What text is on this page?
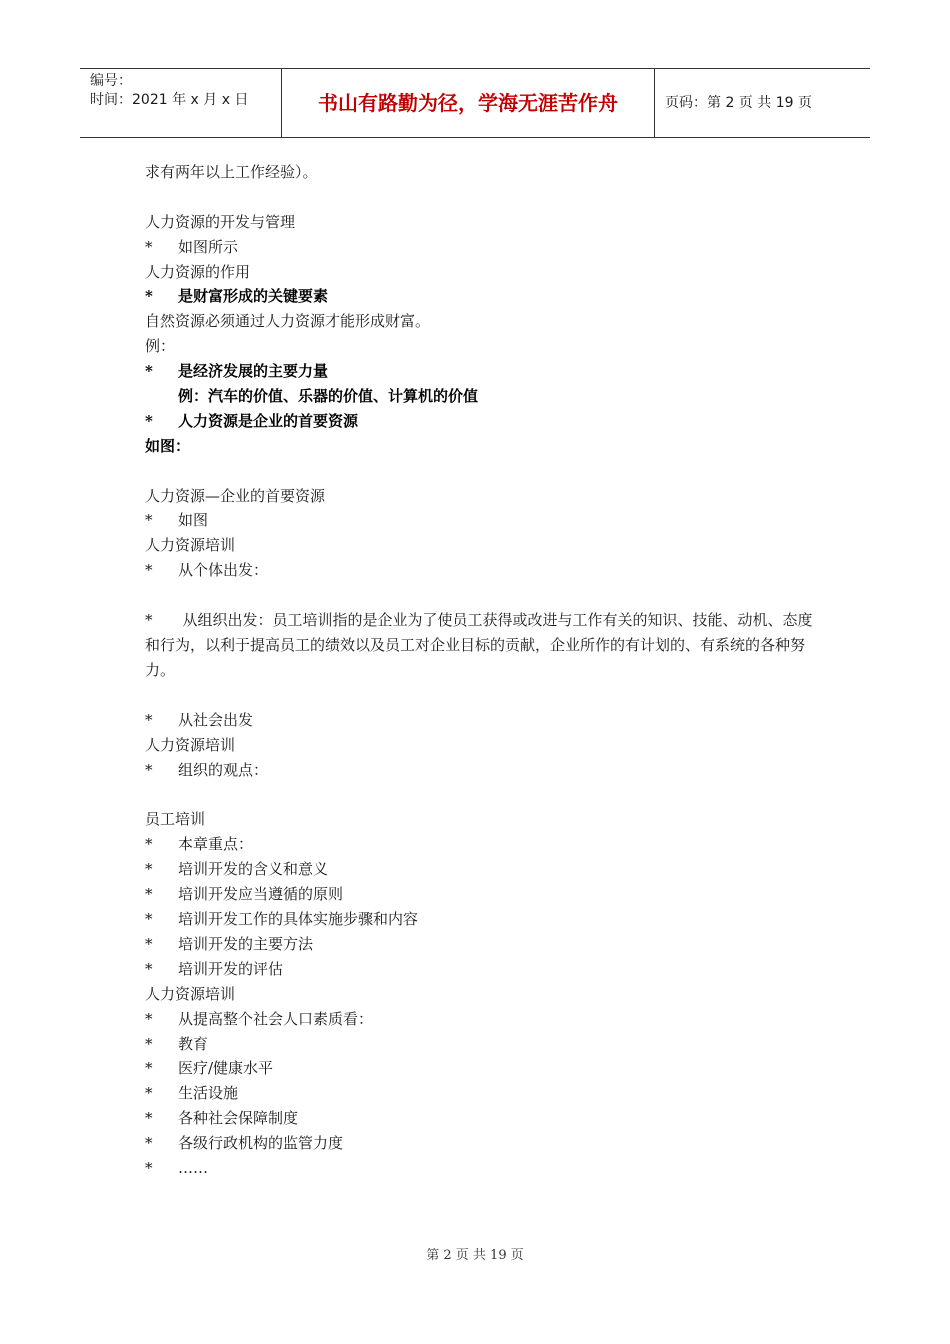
编号：
时间：2021 年 x 月 x 日	书山有路勤为径，学海无涯苦作舟	页码：第 2 页 共 19 页
求有两年以上工作经验）。
人力资源的开发与管理
* 如图所示
人力资源的作用
* 是财富形成的关键要素
自然资源必须通过人力资源才能形成财富。
例：
* 是经济发展的主要力量
例：汽车的价值、乐器的价值、计算机的价值
* 人力资源是企业的首要资源
如图：
人力资源—企业的首要资源
* 如图
人力资源培训
* 从个体出发：
*　　从组织出发：员工培训指的是企业为了使员工获得或改进与工作有关的知识、技能、动机、态度和行为，以利于提高员工的绩效以及员工对企业目标的贡献，企业所作的有计划的、有系统的各种努力。
* 从社会出发
人力资源培训
* 组织的观点：
员工培训
* 本章重点：
* 培训开发的含义和意义
* 培训开发应当遵循的原则
* 培训开发工作的具体实施步骤和内容
* 培训开发的主要方法
* 培训开发的评估
人力资源培训
* 从提高整个社会人口素质看：
* 教育
* 医疗/健康水平
* 生活设施
* 各种社会保障制度
* 各级行政机构的监管力度
* ……
第 2 页 共 19 页
